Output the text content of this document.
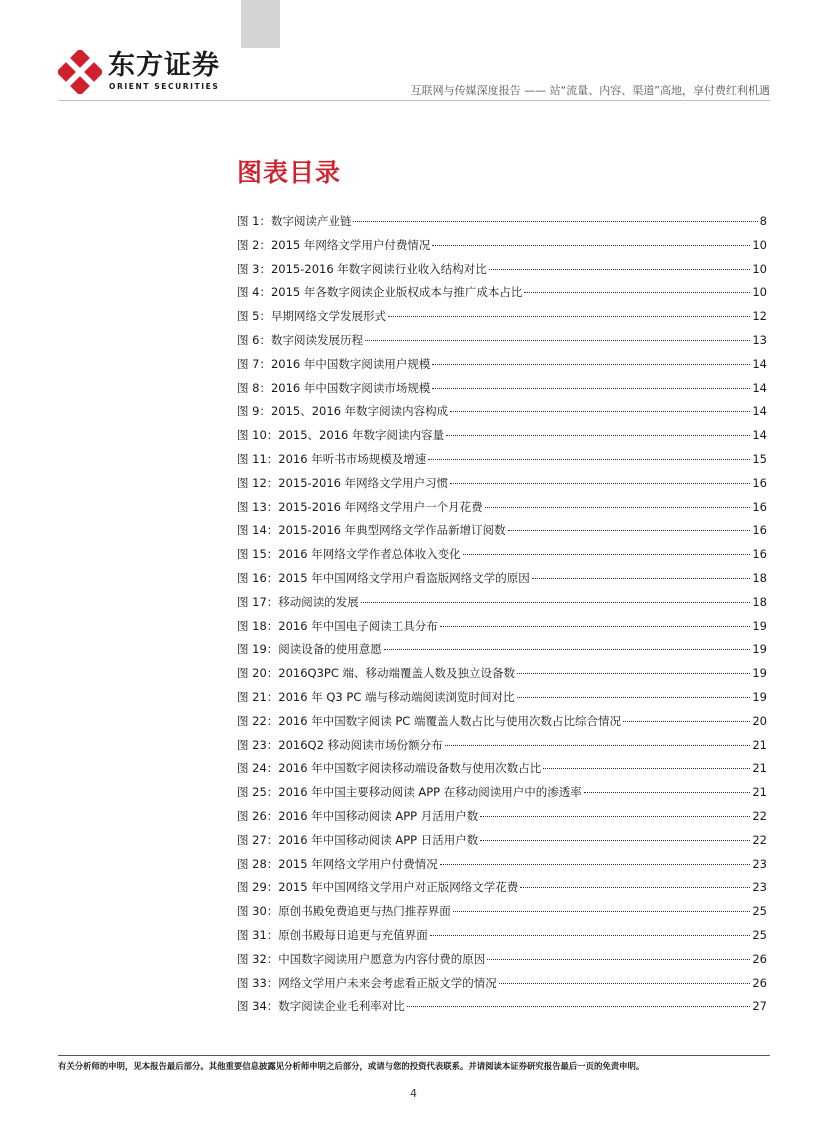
东方证券
ORIENT SECURITIES	互联网与传媒深度报告 —— 站“流量、内容、渠道”高地，享付费红利机遇
图表目录
图 1：数字阅读产业链	8
图 2：2015 年网络文学用户付费情况	10
图 3：2015-2016 年数字阅读行业收入结构对比	10
图 4：2015 年各数字阅读企业版权成本与推广成本占比	10
图 5：早期网络文学发展形式	12
图 6：数字阅读发展历程	13
图 7：2016 年中国数字阅读用户规模	14
图 8：2016 年中国数字阅读市场规模	14
图 9：2015、2016 年数字阅读内容构成	14
图 10：2015、2016 年数字阅读内容量	14
图 11：2016 年听书市场规模及增速	15
图 12：2015-2016 年网络文学用户习惯	16
图 13：2015-2016 年网络文学用户一个月花费	16
图 14：2015-2016 年典型网络文学作品新增订阅数	16
图 15：2016 年网络文学作者总体收入变化	16
图 16：2015 年中国网络文学用户看盗版网络文学的原因	18
图 17：移动阅读的发展	18
图 18：2016 年中国电子阅读工具分布	19
图 19：阅读设备的使用意愿	19
图 20：2016Q3PC 端、移动端覆盖人数及独立设备数	19
图 21：2016 年 Q3 PC 端与移动端阅读浏览时间对比	19
图 22：2016 年中国数字阅读 PC 端覆盖人数占比与使用次数占比综合情况	20
图 23：2016Q2 移动阅读市场份额分布	21
图 24：2016 年中国数字阅读移动端设备数与使用次数占比	21
图 25：2016 年中国主要移动阅读 APP 在移动阅读用户中的渗透率	21
图 26：2016 年中国移动阅读 APP 月活用户数	22
图 27：2016 年中国移动阅读 APP 日活用户数	22
图 28：2015 年网络文学用户付费情况	23
图 29：2015 年中国网络文学用户对正版网络文学花费	23
图 30：原创书殿免费追更与热门推荐界面	25
图 31：原创书殿每日追更与充值界面	25
图 32：中国数字阅读用户愿意为内容付费的原因	26
图 33：网络文学用户未来会考虑看正版文学的情况	26
图 34：数字阅读企业毛利率对比	27
有关分析师的申明，见本报告最后部分。其他重要信息披露见分析师申明之后部分，或请与您的投资代表联系。并请阅读本证券研究报告最后一页的免责申明。
4
